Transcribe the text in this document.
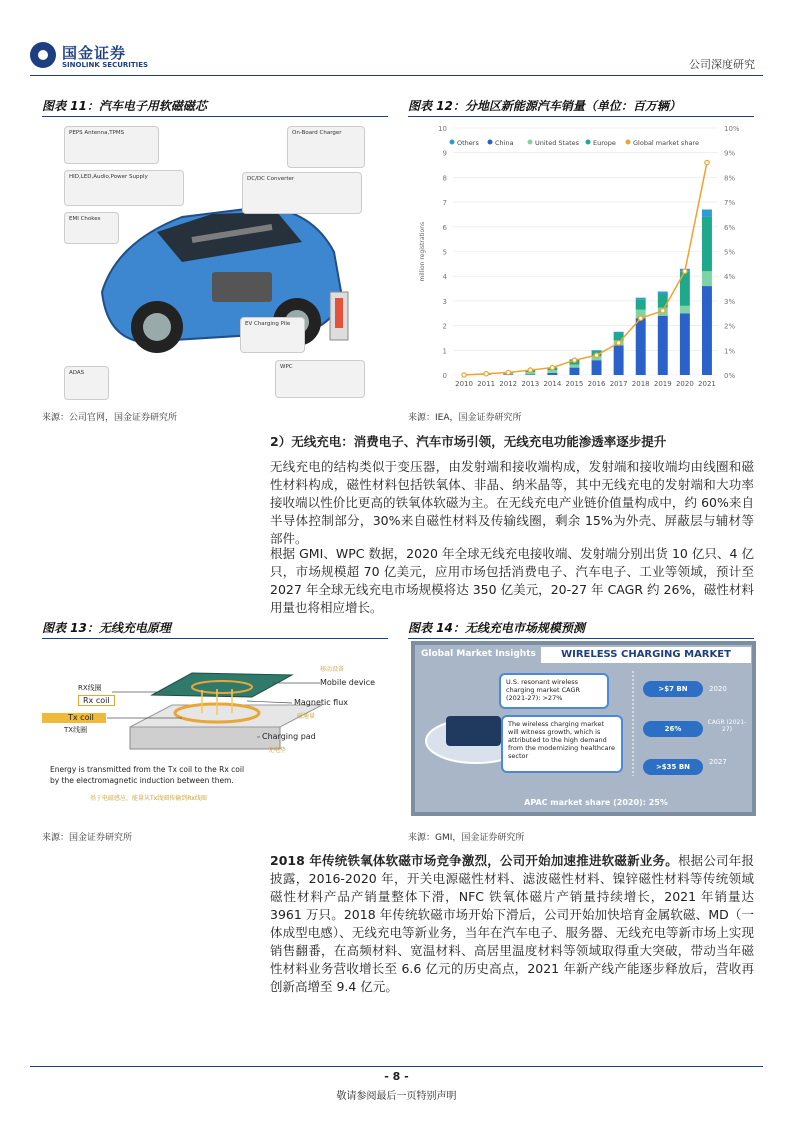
国金证券
SINOLINK SECURITIES	公司深度研究
图表 11：汽车电子用软磁磁芯
PEPS Antenna,TPMS
HID,LED,Audio,Power Supply
EMI Chokes
On-Board Charger
DC/DC Converter
EV Charging Pile
WPC
ADAS
来源：公司官网，国金证券研究所
图表 12：分地区新能源汽车销量（单位：百万辆）
0	0%
1	1%
2	2%
3	3%
4	4%
5	5%
6	6%
7	7%
8	8%
9	9%
10	10%
million registrations
2010 2011 2012 2013 2014 2015 2016 2017 2018 2019 2020 2021
Others China	United States Europe	Global market share
来源：IEA，国金证券研究所
2）无线充电：消费电子、汽车市场引领，无线充电功能渗透率逐步提升
无线充电的结构类似于变压器，由发射端和接收端构成，发射端和接收端均由线圈和磁性材料构成，磁性材料包括铁氧体、非晶、纳米晶等，其中无线充电的发射端和大功率接收端以性价比更高的铁氧体软磁为主。在无线充电产业链价值量构成中，约 60%来自半导体控制部分，30%来自磁性材料及传输线圈，剩余 15%为外壳、屏蔽层与辅材等部件。
根据 GMI、WPC 数据，2020 年全球无线充电接收端、发射端分别出货 10 亿只、4 亿只，市场规模超 70 亿美元，应用市场包括消费电子、汽车电子、工业等领域，预计至 2027 年全球无线充电市场规模将达 350 亿美元，20-27 年 CAGR 约 26%，磁性材料用量也将相应增长。
图表 13：无线充电原理
RX线圈
Rx coil
Tx coil
TX线圈
移动设备
Mobile device
Magnetic flux
磁通量
Charging pad
充电垫
Energy is transmitted from the Tx coil to the Rx coil
by the electromagnetic induction between them.
基于电磁感应，能量从Tx线圈传输到Rx线圈
来源：国金证券研究所
图表 14：无线充电市场规模预测
Global Market Insights	WIRELESS CHARGING MARKET
U.S. resonant wireless charging market CAGR (2021-27): >27%
The wireless charging market will witness growth, which is attributed to the high demand from the modernizing healthcare sector
>$7 BN	2020
26%
CAGR (2021-27)
>$35 BN
2027
APAC market share (2020): 25%
来源：GMI，国金证券研究所
2018 年传统铁氧体软磁市场竞争激烈，公司开始加速推进软磁新业务。根据公司年报披露，2016-2020 年，开关电源磁性材料、滤波磁性材料、镍锌磁性材料等传统领域磁性材料产品产销量整体下滑，NFC 铁氧体磁片产销量持续增长，2021 年销量达 3961 万只。2018 年传统软磁市场开始下滑后，公司开始加快培育金属软磁、MD（一体成型电感）、无线充电等新业务，当年在汽车电子、服务器、无线充电等新市场上实现销售翻番，在高频材料、宽温材料、高居里温度材料等领域取得重大突破，带动当年磁性材料业务营收增长至 6.6 亿元的历史高点，2021 年新产线产能逐步释放后，营收再创新高增至 9.4 亿元。
- 8 -
敬请参阅最后一页特别声明
